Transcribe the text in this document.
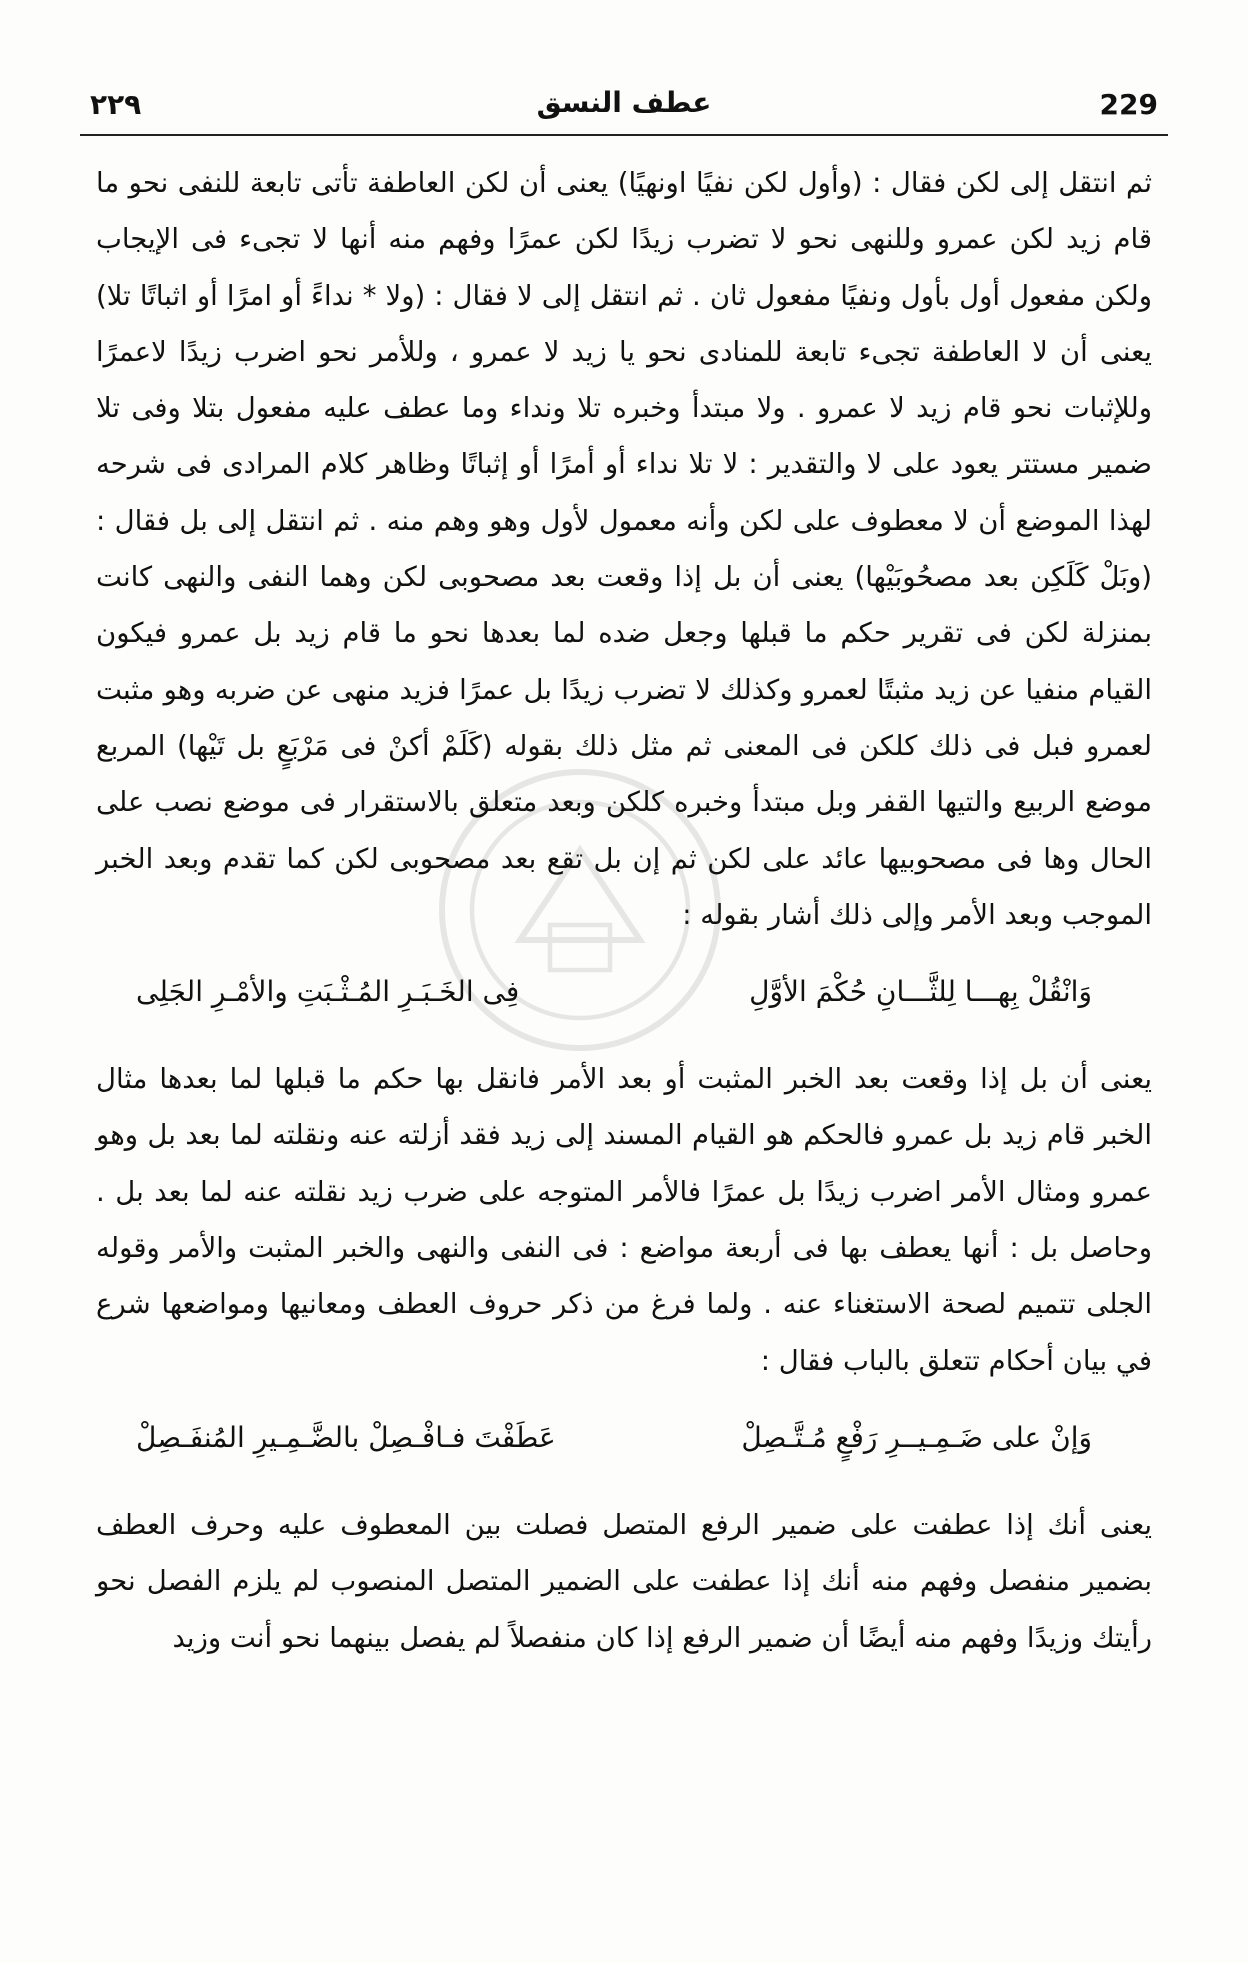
٢٢٩	عطف النسق	229

ثم انتقل إلى لكن فقال : (وأول لكن نفيًا اونهيًا) يعنى أن لكن العاطفة تأتى تابعة للنفى نحو ما قام زيد لكن عمرو وللنهى نحو لا تضرب زيدًا لكن عمرًا وفهم منه أنها لا تجىء فى الإيجاب ولكن مفعول أول بأول ونفيًا مفعول ثان . ثم انتقل إلى لا فقال : (ولا * نداءً أو امرًا أو اثباتًا تلا) يعنى أن لا العاطفة تجىء تابعة للمنادى نحو يا زيد لا عمرو ، وللأمر نحو اضرب زيدًا لاعمرًا وللإثبات نحو قام زيد لا عمرو . ولا مبتدأ وخبره تلا ونداء وما عطف عليه مفعول بتلا وفى تلا ضمير مستتر يعود على لا والتقدير : لا تلا نداء أو أمرًا أو إثباتًا وظاهر كلام المرادى فى شرحه لهذا الموضع أن لا معطوف على لكن وأنه معمول لأول وهو وهم منه . ثم انتقل إلى بل فقال : (وبَلْ كَلَكِن بعد مصحُوبَيْها) يعنى أن بل إذا وقعت بعد مصحوبى لكن وهما النفى والنهى كانت بمنزلة لكن فى تقرير حكم ما قبلها وجعل ضده لما بعدها نحو ما قام زيد بل عمرو فيكون القيام منفيا عن زيد مثبتًا لعمرو وكذلك لا تضرب زيدًا بل عمرًا فزيد منهى عن ضربه وهو مثبت لعمرو فبل فى ذلك كلكن فى المعنى ثم مثل ذلك بقوله (كَلَمْ أكنْ فى مَرْبَعٍ بل تَيْها) المربع موضع الربيع والتيها القفر وبل مبتدأ وخبره كلكن وبعد متعلق بالاستقرار فى موضع نصب على الحال وها فى مصحوبيها عائد على لكن ثم إن بل تقع بعد مصحوبى لكن كما تقدم وبعد الخبر الموجب وبعد الأمر وإلى ذلك أشار بقوله :

وَانْقُلْ بِهـــا لِلثَّـــانِ حُكْمَ الأوَّلِ
فِى الخَـبَـرِ المُـثْـبَتِ والأمْـرِ الجَلِى

يعنى أن بل إذا وقعت بعد الخبر المثبت أو بعد الأمر فانقل بها حكم ما قبلها لما بعدها مثال الخبر قام زيد بل عمرو فالحكم هو القيام المسند إلى زيد فقد أزلته عنه ونقلته لما بعد بل وهو عمرو ومثال الأمر اضرب زيدًا بل عمرًا فالأمر المتوجه على ضرب زيد نقلته عنه لما بعد بل . وحاصل بل : أنها يعطف بها فى أربعة مواضع : فى النفى والنهى والخبر المثبت والأمر وقوله الجلى تتميم لصحة الاستغناء عنه . ولما فرغ من ذكر حروف العطف ومعانيها ومواضعها شرع في بيان أحكام تتعلق بالباب فقال :

وَإنْ على ضَـمِـيــرِ رَفْعٍ مُـتَّـصِلْ
عَطَفْتَ فـافْـصِلْ بالضَّـمِـيرِ المُنفَـصِلْ

يعنى أنك إذا عطفت على ضمير الرفع المتصل فصلت بين المعطوف عليه وحرف العطف بضمير منفصل وفهم منه أنك إذا عطفت على الضمير المتصل المنصوب لم يلزم الفصل نحو رأيتك وزيدًا وفهم منه أيضًا أن ضمير الرفع إذا كان منفصلاً لم يفصل بينهما نحو أنت وزيد
